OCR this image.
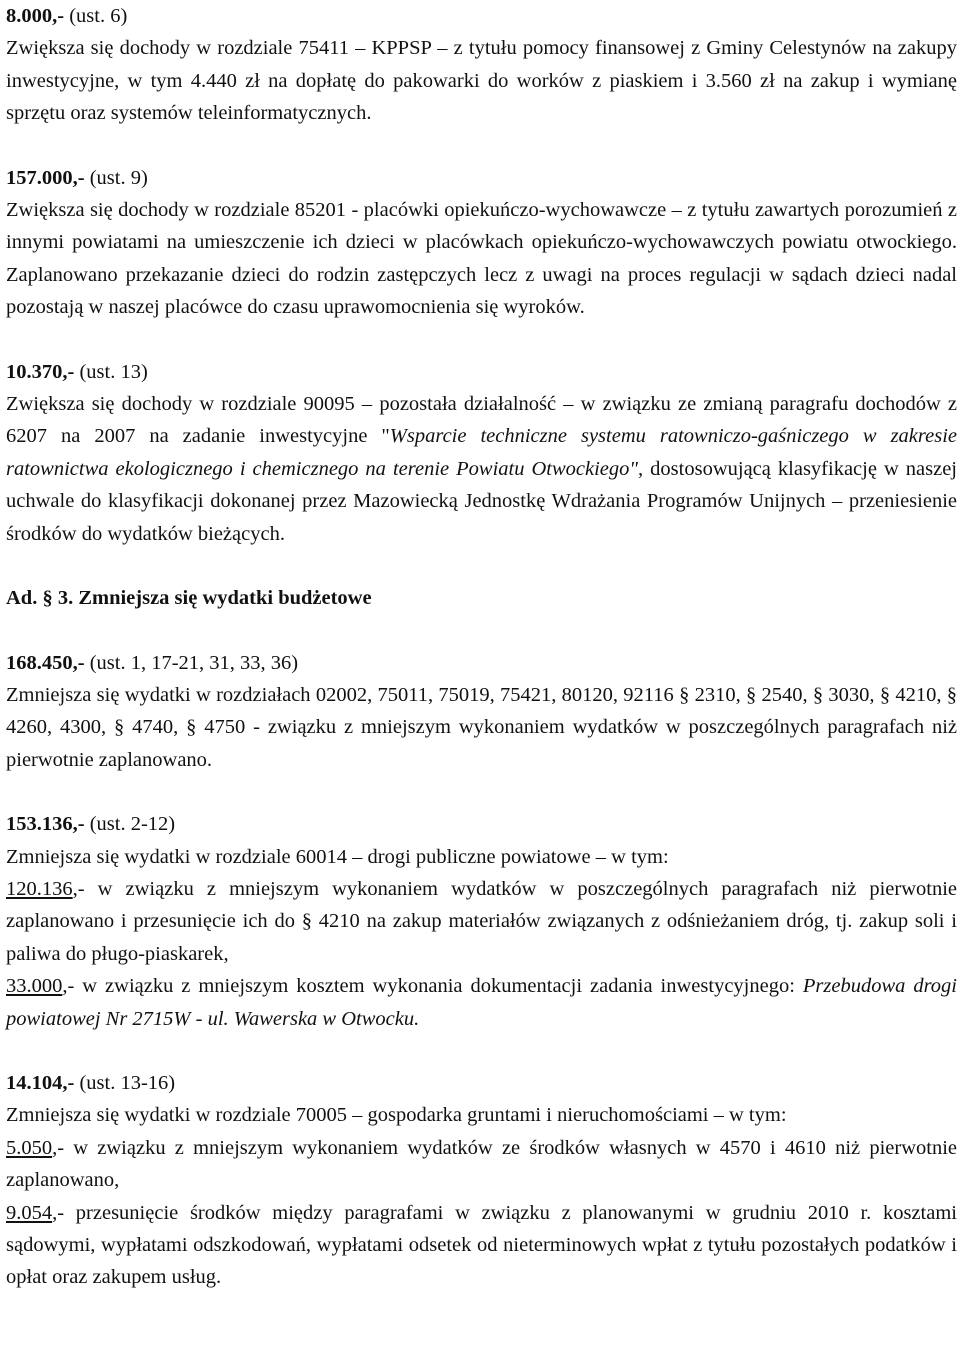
8.000,- (ust. 6)

Zwiększa się dochody w rozdziale 75411 – KPPSP – z tytułu pomocy finansowej z Gminy Celestynów na zakupy inwestycyjne, w tym 4.440 zł na dopłatę do pakowarki do worków z piaskiem i 3.560 zł na zakup i wymianę sprzętu oraz systemów teleinformatycznych.

157.000,- (ust. 9)

Zwiększa się dochody w rozdziale 85201 - placówki opiekuńczo-wychowawcze – z tytułu zawartych porozumień z innymi powiatami na umieszczenie ich dzieci w placówkach opiekuńczo-wychowawczych powiatu otwockiego. Zaplanowano przekazanie dzieci do rodzin zastępczych lecz z uwagi na proces regulacji w sądach dzieci nadal pozostają w naszej placówce do czasu uprawomocnienia się wyroków.

10.370,- (ust. 13)

Zwiększa się dochody w rozdziale 90095 – pozostała działalność – w związku ze zmianą paragrafu dochodów z 6207 na 2007 na zadanie inwestycyjne "Wsparcie techniczne systemu ratowniczo-gaśniczego w zakresie ratownictwa ekologicznego i chemicznego na terenie Powiatu Otwockiego", dostosowującą klasyfikację w naszej uchwale do klasyfikacji dokonanej przez Mazowiecką Jednostkę Wdrażania Programów Unijnych – przeniesienie środków do wydatków bieżących.

Ad. § 3. Zmniejsza się wydatki budżetowe

168.450,- (ust. 1, 17-21, 31, 33, 36)

Zmniejsza się wydatki w rozdziałach 02002, 75011, 75019, 75421, 80120, 92116 § 2310, § 2540, § 3030, § 4210, § 4260, 4300, § 4740, § 4750 - związku z mniejszym wykonaniem wydatków w poszczególnych paragrafach niż pierwotnie zaplanowano.

153.136,- (ust. 2-12)

Zmniejsza się wydatki w rozdziale 60014 – drogi publiczne powiatowe – w tym:

120.136,- w związku z mniejszym wykonaniem wydatków w poszczególnych paragrafach niż pierwotnie zaplanowano i przesunięcie ich do § 4210 na zakup materiałów związanych z odśnieżaniem dróg, tj. zakup soli i paliwa do pługo-piaskarek,

33.000,- w związku z mniejszym kosztem wykonania dokumentacji zadania inwestycyjnego: Przebudowa drogi powiatowej Nr 2715W - ul. Wawerska w Otwocku.

14.104,- (ust. 13-16)

Zmniejsza się wydatki w rozdziale 70005 – gospodarka gruntami i nieruchomościami – w tym:

5.050,- w związku z mniejszym wykonaniem wydatków ze środków własnych w 4570 i 4610 niż pierwotnie zaplanowano,

9.054,- przesunięcie środków między paragrafami w związku z planowanymi w grudniu 2010 r. kosztami sądowymi, wypłatami odszkodowań, wypłatami odsetek od nieterminowych wpłat z tytułu pozostałych podatków i opłat oraz zakupem usług.
